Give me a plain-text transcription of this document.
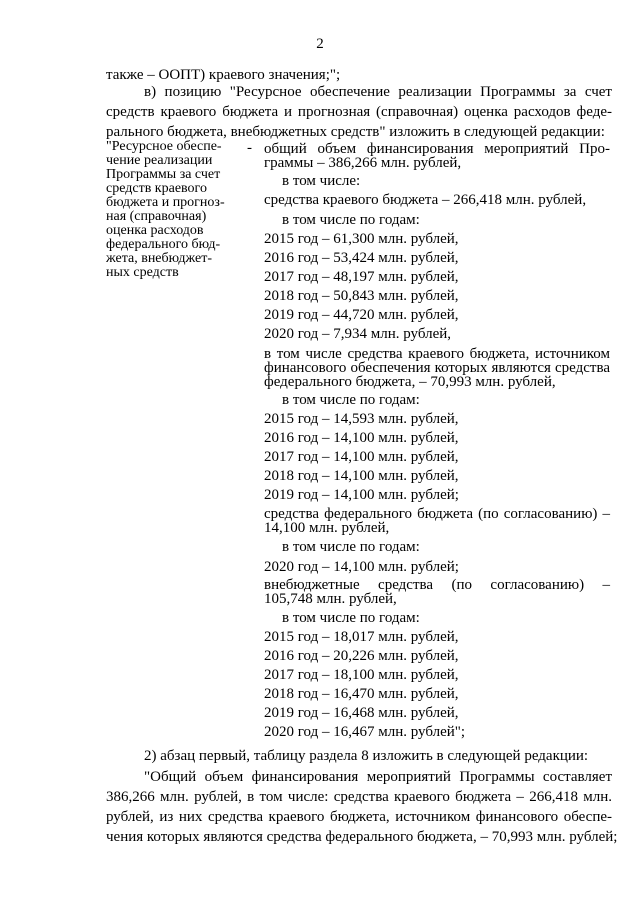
2
также – ООПТ) краевого значения;";
в) позицию "Ресурсное обеспечение реализации Программы за счет
средств краевого бюджета и прогнозная (справочная) оценка расходов феде-
рального бюджета, внебюджетных средств" изложить в следующей редакции:
"Ресурсное обеспе-
чение реализации
Программы за счет
средств краевого
бюджета и прогноз-
ная (справочная)
оценка расходов
федерального бюд-
жета, внебюджет-
ных средств
- общий объем финансирования мероприятий Про-
граммы – 386,266 млн. рублей,
в том числе:
средства краевого бюджета – 266,418 млн. рублей,
в том числе по годам:
2015 год – 61,300 млн. рублей,
2016 год – 53,424 млн. рублей,
2017 год – 48,197 млн. рублей,
2018 год – 50,843 млн. рублей,
2019 год – 44,720 млн. рублей,
2020 год – 7,934 млн. рублей,
в том числе средства краевого бюджета, источником
финансового обеспечения которых являются средства
федерального бюджета, – 70,993 млн. рублей,
в том числе по годам:
2015 год – 14,593 млн. рублей,
2016 год – 14,100 млн. рублей,
2017 год – 14,100 млн. рублей,
2018 год – 14,100 млн. рублей,
2019 год – 14,100 млн. рублей;
средства федерального бюджета (по согласованию) –
14,100 млн. рублей,
в том числе по годам:
2020 год – 14,100 млн. рублей;
внебюджетные средства (по согласованию) –
105,748 млн. рублей,
в том числе по годам:
2015 год – 18,017 млн. рублей,
2016 год – 20,226 млн. рублей,
2017 год – 18,100 млн. рублей,
2018 год – 16,470 млн. рублей,
2019 год – 16,468 млн. рублей,
2020 год – 16,467 млн. рублей";
2) абзац первый, таблицу раздела 8 изложить в следующей редакции:
"Общий объем финансирования мероприятий Программы составляет
386,266 млн. рублей, в том числе: средства краевого бюджета – 266,418 млн.
рублей, из них средства краевого бюджета, источником финансового обеспе-
чения которых являются средства федерального бюджета, – 70,993 млн. рублей;
